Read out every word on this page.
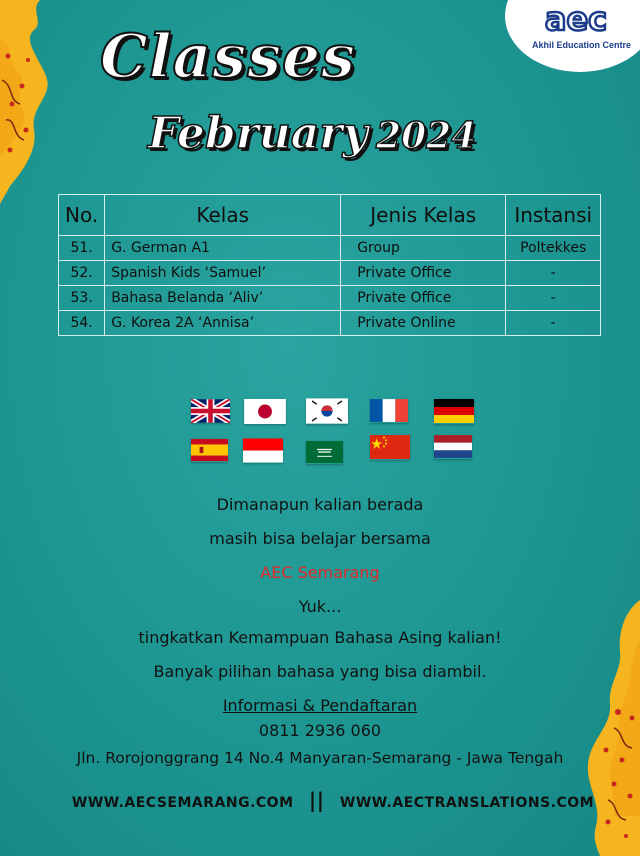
aec
Akhil Education Centre
Classes
February 2024
No.	Kelas	Jenis Kelas	Instansi
51.	G. German A1	Group	Poltekkes
52.	Spanish Kids ‘Samuel’	Private Office	-
53.	Bahasa Belanda ‘Aliv’	Private Office	-
54.	G. Korea 2A ‘Annisa’	Private Online	-
Dimanapun kalian berada
masih bisa belajar bersama
AEC Semarang
Yuk...
tingkatkan Kemampuan Bahasa Asing kalian!
Banyak pilihan bahasa yang bisa diambil.
Informasi & Pendaftaran
0811 2936 060
Jln. Rorojonggrang 14 No.4 Manyaran-Semarang - Jawa Tengah
WWW.AECSEMARANG.COM || WWW.AECTRANSLATIONS.COM
